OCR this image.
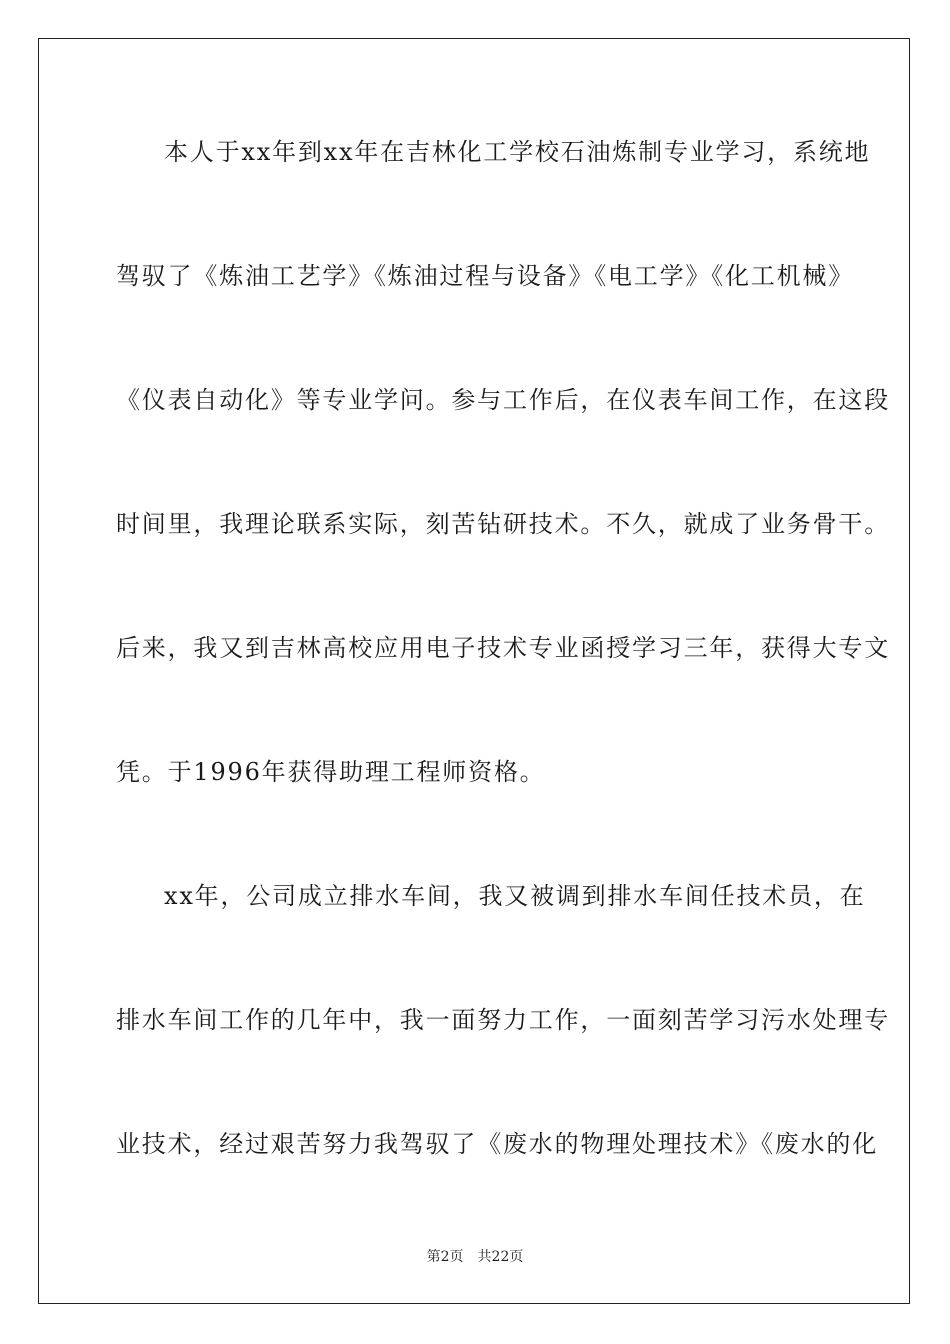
本人于xx年到xx年在吉林化工学校石油炼制专业学习，系统地
驾驭了《炼油工艺学》《炼油过程与设备》《电工学》《化工机械》
《仪表自动化》等专业学问。参与工作后，在仪表车间工作，在这段
时间里，我理论联系实际，刻苦钻研技术。不久，就成了业务骨干。
后来，我又到吉林高校应用电子技术专业函授学习三年，获得大专文
凭。于1996年获得助理工程师资格。
xx年，公司成立排水车间，我又被调到排水车间任技术员，在
排水车间工作的几年中，我一面努力工作，一面刻苦学习污水处理专
业技术，经过艰苦努力我驾驭了《废水的物理处理技术》《废水的化
第2页 共22页
